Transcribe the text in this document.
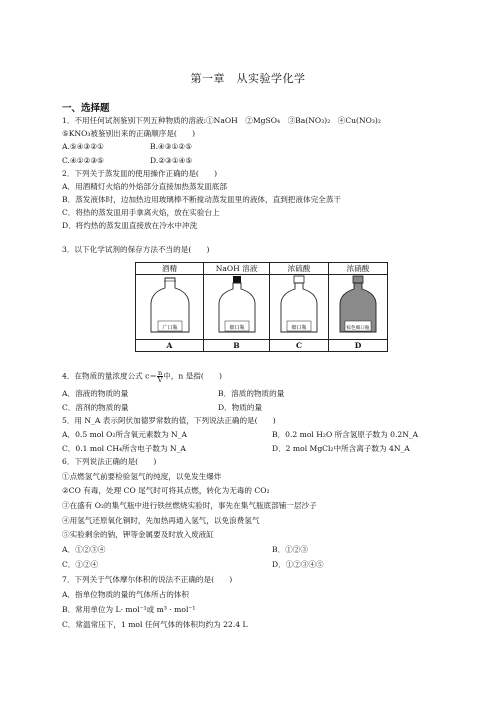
第一章　从实验学化学
一、选择题
1．不用任何试剂鉴别下列五种物质的溶液:①NaOH　②MgSO₄　③Ba(NO₃)₂　④Cu(NO₃)₂
⑤KNO₃被鉴别出来的正确顺序是(　　)
A.⑤④③②①	B.④③①②⑤
C.④①②③⑤	D.②③①④⑤
2．下列关于蒸发皿的使用操作正确的是(　　)
A．用酒精灯火焰的外焰部分直接加热蒸发皿底部
B．蒸发液体时，边加热边用玻璃棒不断搅动蒸发皿里的液体，直到把液体完全蒸干
C．将热的蒸发皿用手拿离火焰，放在实验台上
D．将灼热的蒸发皿直接放在冷水中冲洗
3．以下化学试剂的保存方法不当的是(　　)
酒精	NaOH 溶液	浓硫酸	浓硝酸

广口瓶	细口瓶	细口瓶	棕色细口瓶

A	B	C	D
4．在物质的量浓度公式 $c= \frac{n}{V}$ 中，n 是指(　　)
A．溶液的物质的量	B．溶质的物质的量
C．溶剂的物质的量	D．物质的量
5．用 N_A 表示阿伏加德罗常数的值，下列说法正确的是(　　)
A．0.5 mol O₂所含氧元素数为 N_A	B．0.2 mol H₂O 所含氢原子数为 0.2N_A
C．0.1 mol CH₄所含电子数为 N_A	D．2 mol MgCl₂中所含离子数为 4N_A
6．下列说法正确的是(　　)
①点燃氢气前要检验氢气的纯度，以免发生爆炸
②CO 有毒，处理 CO 尾气时可将其点燃，转化为无毒的 CO₂
③在盛有 O₂的集气瓶中进行铁丝燃烧实验时，事先在集气瓶底部铺一层沙子
④用氢气还原氧化铜时，先加热再通入氢气，以免浪费氢气
⑤实验剩余的钠，钾等金属要及时放入废液缸
A．①②③④	B．①②③
C．①②④	D．①②③④⑤
7．下列关于气体摩尔体积的说法不正确的是(　　)
A．指单位物质的量的气体所占的体积
B．常用单位为 L· mol⁻¹或 m³ · mol⁻¹
C．常温常压下，1 mol 任何气体的体积均约为 22.4 L
